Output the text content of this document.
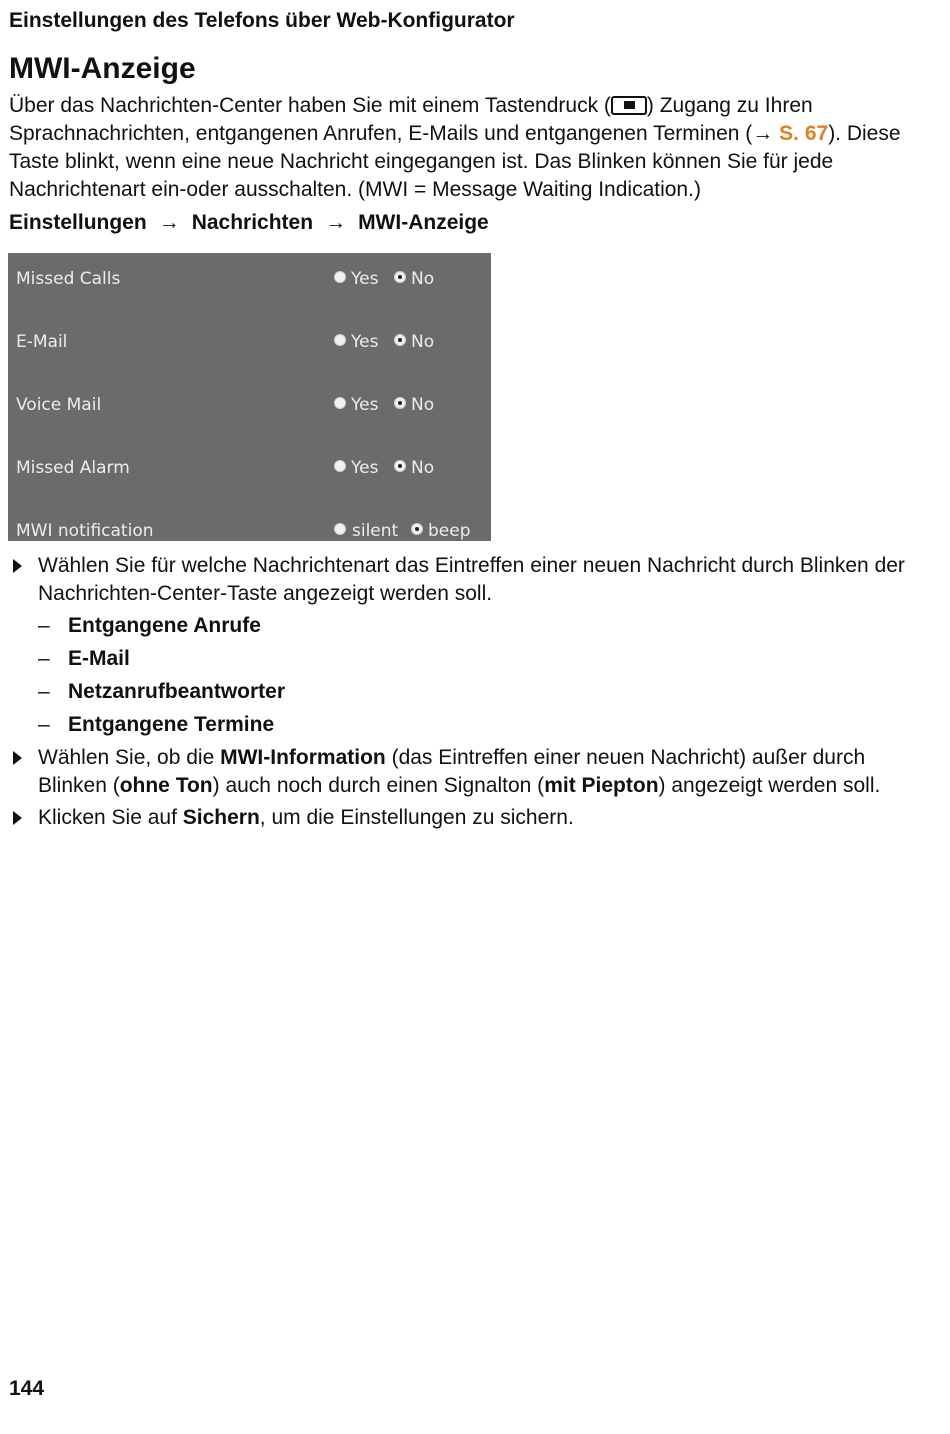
Einstellungen des Telefons über Web-Konfigurator
MWI-Anzeige

Über das Nachrichten-Center haben Sie mit einem Tastendruck ( ) Zugang zu Ihren Sprachnachrichten, entgangenen Anrufen, E-Mails und entgangenen Terminen (→ S. 67). Diese Taste blinkt, wenn eine neue Nachricht eingegangen ist. Das Blinken können Sie für jede Nachrichtenart ein-oder ausschalten. (MWI = Message Waiting Indication.)

Einstellungen → Nachrichten → MWI-Anzeige
Missed Calls	Yes No
E-Mail	Yes No
Voice Mail	Yes No
Missed Alarm	Yes No
MWI notification	silent beep
Wählen Sie für welche Nachrichtenart das Eintreffen einer neuen Nachricht durch Blinken der Nachrichten-Center-Taste angezeigt werden soll.
– Entgangene Anrufe
– E-Mail
– Netzanrufbeantworter
– Entgangene Termine
Wählen Sie, ob die MWI-Information (das Eintreffen einer neuen Nachricht) außer durch Blinken (ohne Ton) auch noch durch einen Signalton (mit Piepton) angezeigt werden soll.
Klicken Sie auf Sichern, um die Einstellungen zu sichern.
144
